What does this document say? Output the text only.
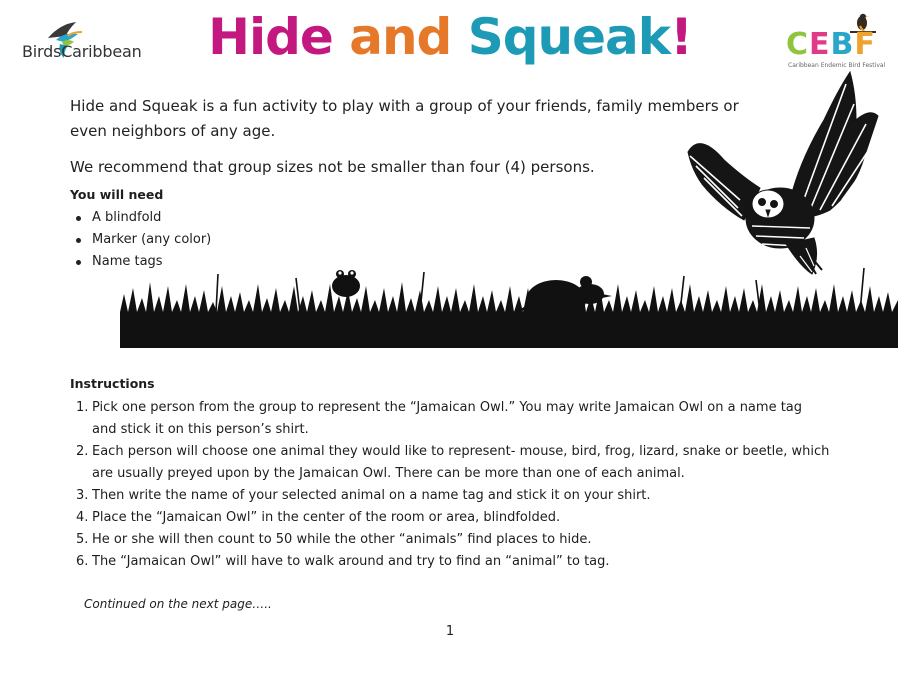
BirdsCaribbean	Hide and Squeak!	CEBF
Caribbean Endemic Bird Festival

Hide and Squeak is a fun activity to play with a group of your friends, family members or even neighbors of any age.

We recommend that group sizes not be smaller than four (4) persons.

You will need
A blindfold
Marker (any color)
Name tags
Instructions
1. Pick one person from the group to represent the “Jamaican Owl.” You may write Jamaican Owl on a name tag and stick it on this person’s shirt.
2. Each person will choose one animal they would like to represent- mouse, bird, frog, lizard, snake or beetle, which are usually preyed upon by the Jamaican Owl. There can be more than one of each animal.
3. Then write the name of your selected animal on a name tag and stick it on your shirt.
4. Place the “Jamaican Owl” in the center of the room or area, blindfolded.
5. He or she will then count to 50 while the other “animals” find places to hide.
6. The “Jamaican Owl” will have to walk around and try to find an “animal” to tag.

Continued on the next page…..

1
